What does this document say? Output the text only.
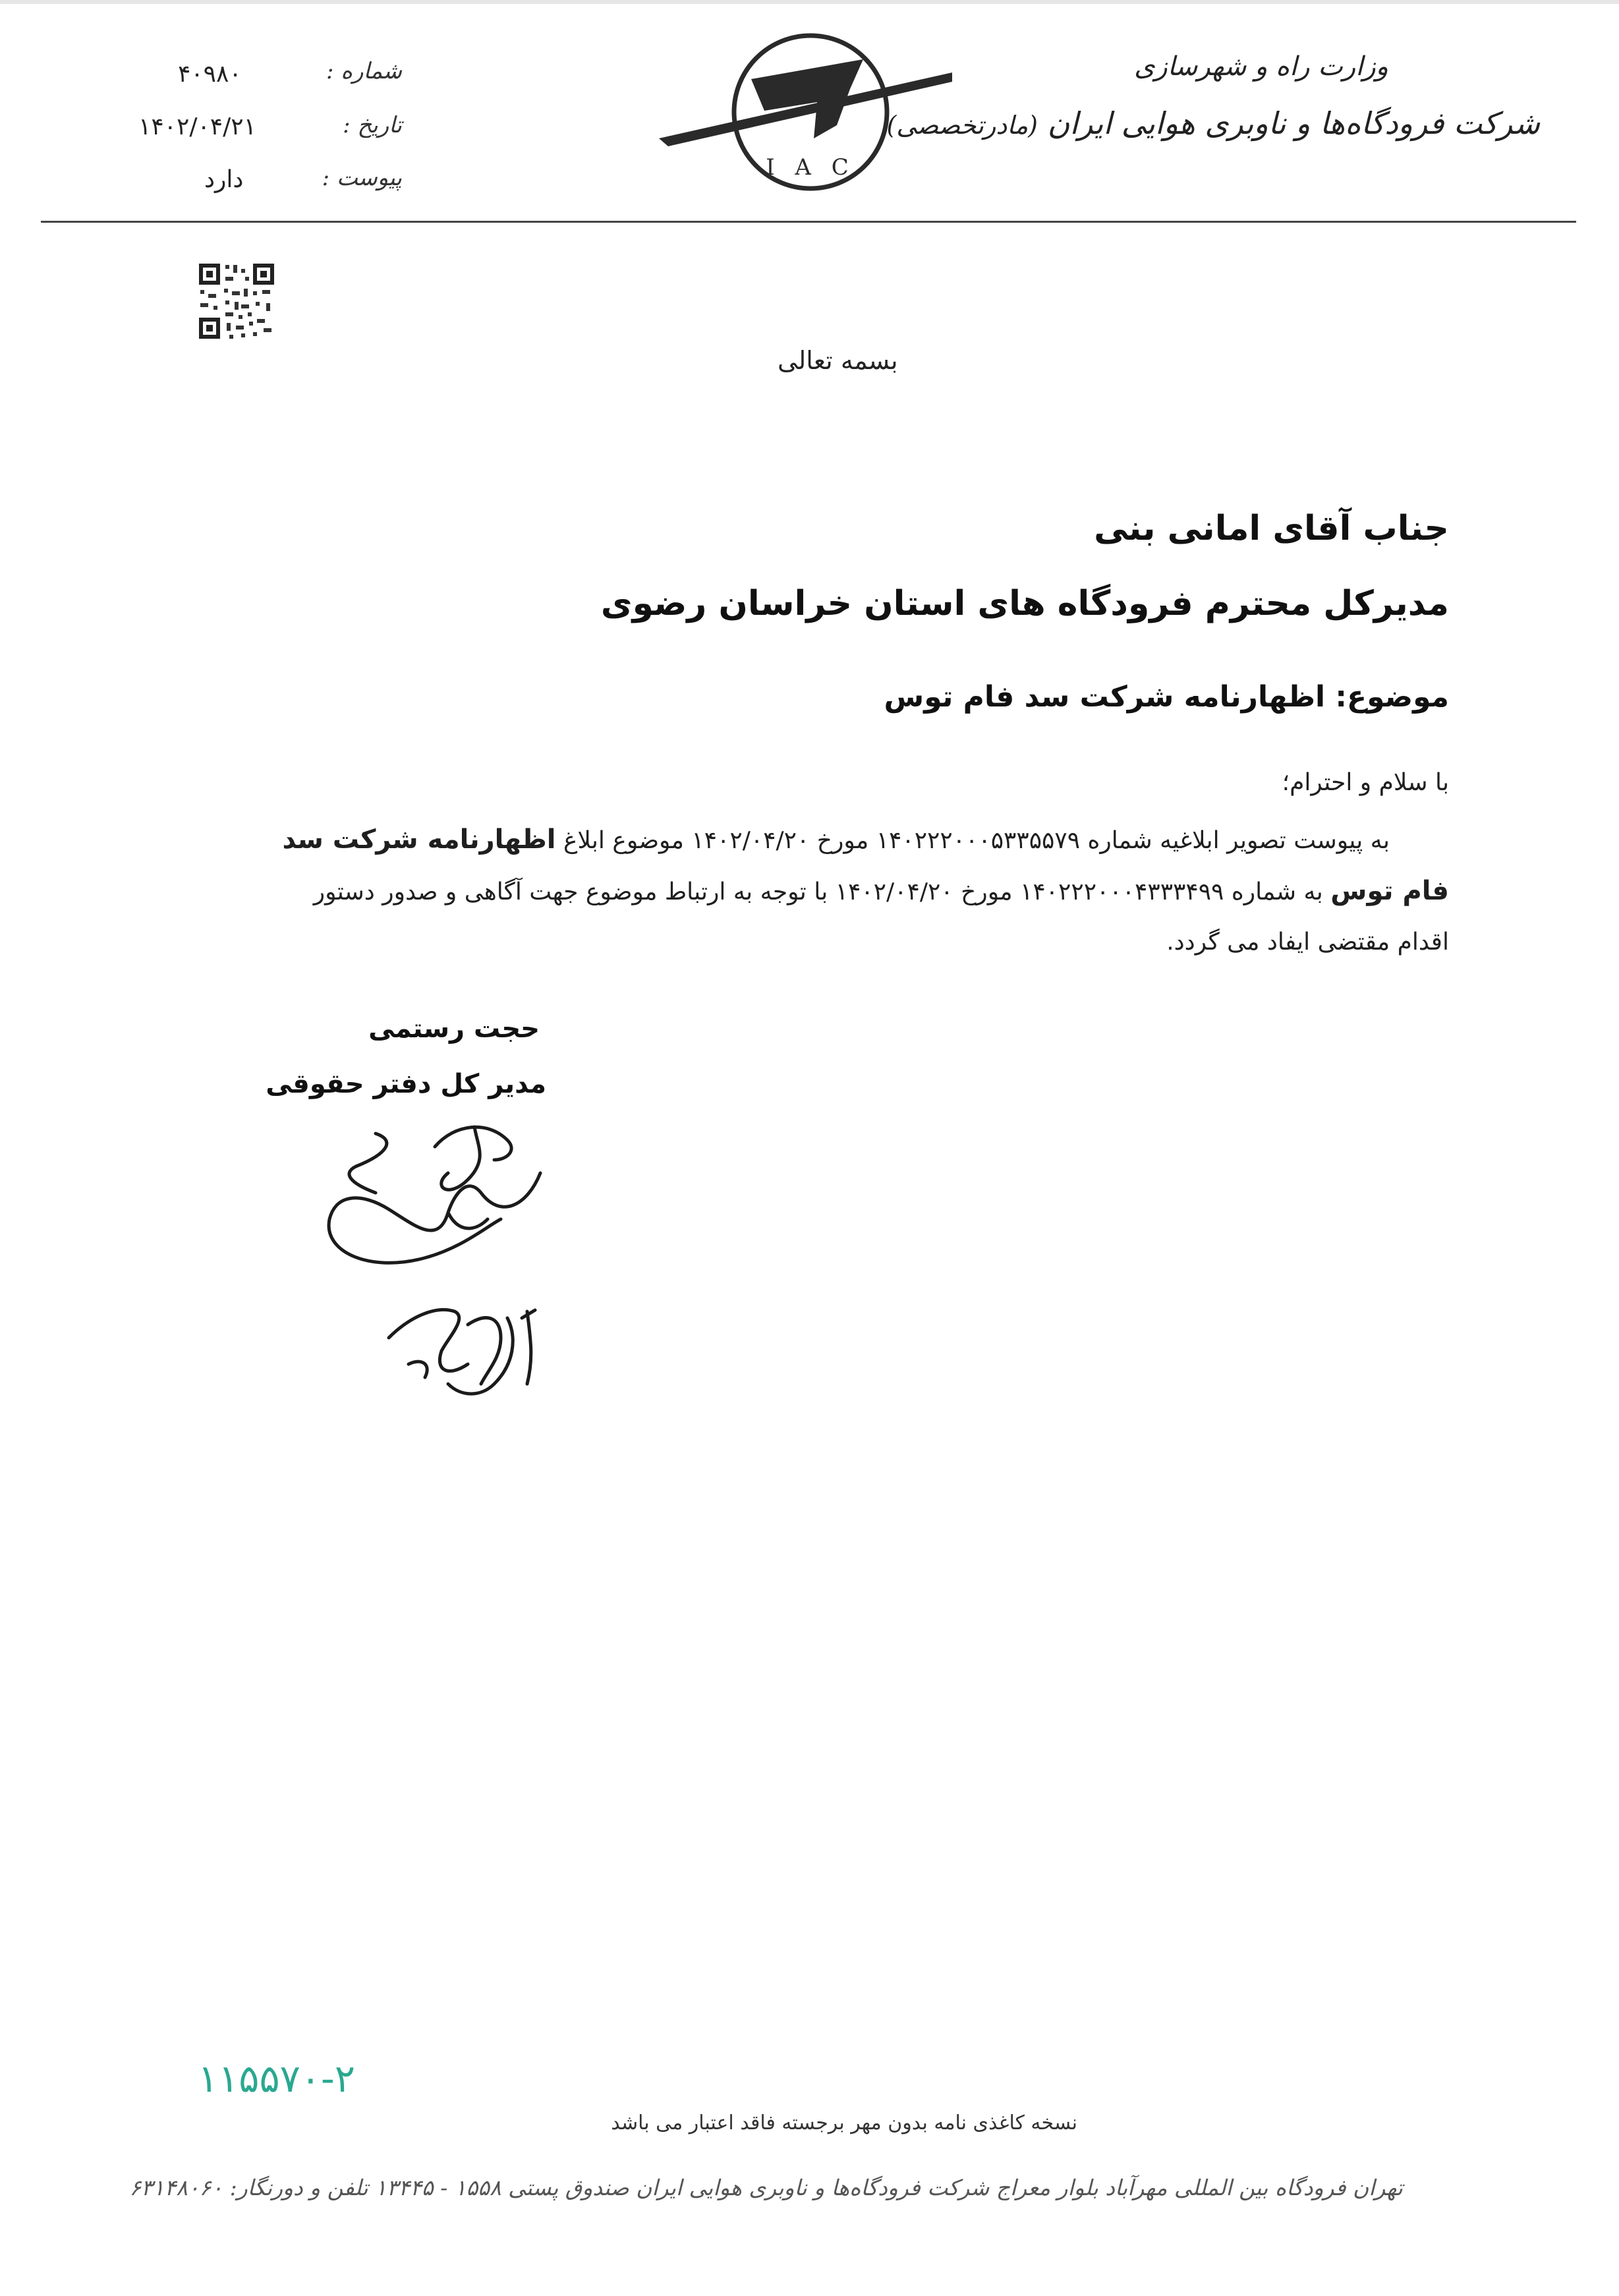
وزارت راه و شهرسازی
شرکت فرودگاه‌ها و ناوبری هوایی ایران (مادرتخصصی)
I A C
شماره :
۴۰۹۸۰
تاریخ :
۱۴۰۲/۰۴/۲۱
پیوست :
دارد
بسمه تعالی
جناب آقای امانی بنی
مدیرکل محترم فرودگاه های استان خراسان رضوی
موضوع: اظهارنامه شرکت سد فام توس
با سلام و احترام؛
به پیوست تصویر ابلاغیه شماره ۱۴۰۲۲۲۰۰۰۵۳۳۵۵۷۹ مورخ ۱۴۰۲/۰۴/۲۰ موضوع ابلاغ اظهارنامه شرکت سد
فام توس به شماره ۱۴۰۲۲۲۰۰۰۴۳۳۳۴۹۹ مورخ ۱۴۰۲/۰۴/۲۰ با توجه به ارتباط موضوع جهت آگاهی و صدور دستور
اقدام مقتضی ایفاد می گردد.
حجت رستمی
مدیر کل دفتر حقوقی
۱۱۵۵۷۰-۲
نسخه کاغذی نامه بدون مهر برجسته فاقد اعتبار می باشد
تهران فرودگاه بین المللی مهرآباد بلوار معراج شرکت فرودگاه‌ها و ناوبری هوایی ایران صندوق پستی ۱۵۵۸ - ۱۳۴۴۵ تلفن و دورنگار: ۶۳۱۴۸۰۶۰
